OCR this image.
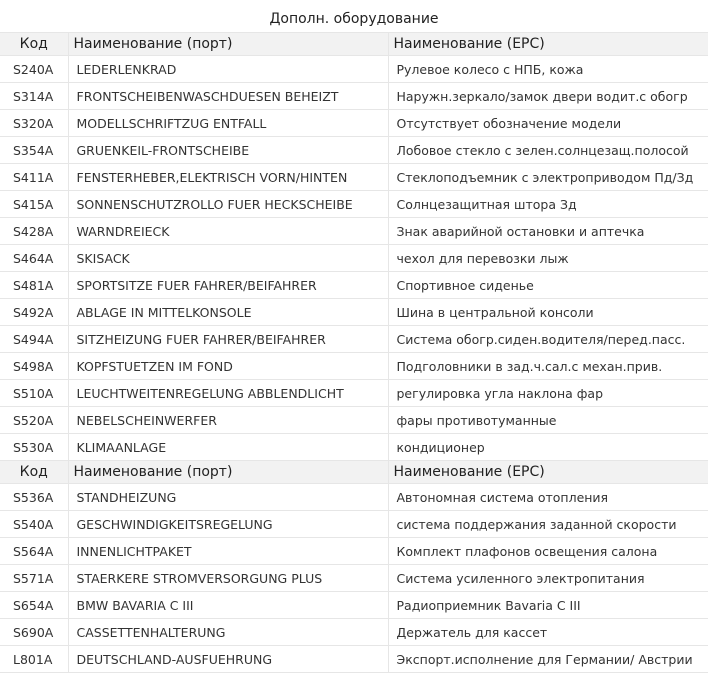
Дополн. оборудование
Код	Наименование (порт)	Наименование (EPC)
S240A	LEDERLENKRAD	Рулевое колесо с НПБ, кожа
S314A	FRONTSCHEIBENWASCHDUESEN BEHEIZT	Наружн.зеркало/замок двери водит.с обогр
S320A	MODELLSCHRIFTZUG ENTFALL	Отсутствует обозначение модели
S354A	GRUENKEIL-FRONTSCHEIBE	Лобовое стекло с зелен.солнцезащ.полосой
S411A	FENSTERHEBER,ELEKTRISCH VORN/HINTEN	Стеклоподъемник с электроприводом Пд/Зд
S415A	SONNENSCHUTZROLLO FUER HECKSCHEIBE	Солнцезащитная штора Зд
S428A	WARNDREIECK	Знак аварийной остановки и аптечка
S464A	SKISACK	чехол для перевозки лыж
S481A	SPORTSITZE FUER FAHRER/BEIFAHRER	Спортивное сиденье
S492A	ABLAGE IN MITTELKONSOLE	Шина в центральной консоли
S494A	SITZHEIZUNG FUER FAHRER/BEIFAHRER	Система обогр.сиден.водителя/перед.пасс.
S498A	KOPFSTUETZEN IM FOND	Подголовники в зад.ч.сал.с механ.прив.
S510A	LEUCHTWEITENREGELUNG ABBLENDLICHT	регулировка угла наклона фар
S520A	NEBELSCHEINWERFER	фары противотуманные
S530A	KLIMAANLAGE	кондиционер
Код	Наименование (порт)	Наименование (EPC)
S536A	STANDHEIZUNG	Автономная система отопления
S540A	GESCHWINDIGKEITSREGELUNG	система поддержания заданной скорости
S564A	INNENLICHTPAKET	Комплект плафонов освещения салона
S571A	STAERKERE STROMVERSORGUNG PLUS	Система усиленного электропитания
S654A	BMW BAVARIA C III	Радиоприемник Bavaria C III
S690A	CASSETTENHALTERUNG	Держатель для кассет
L801A	DEUTSCHLAND-AUSFUEHRUNG	Экспорт.исполнение для Германии/ Австрии
